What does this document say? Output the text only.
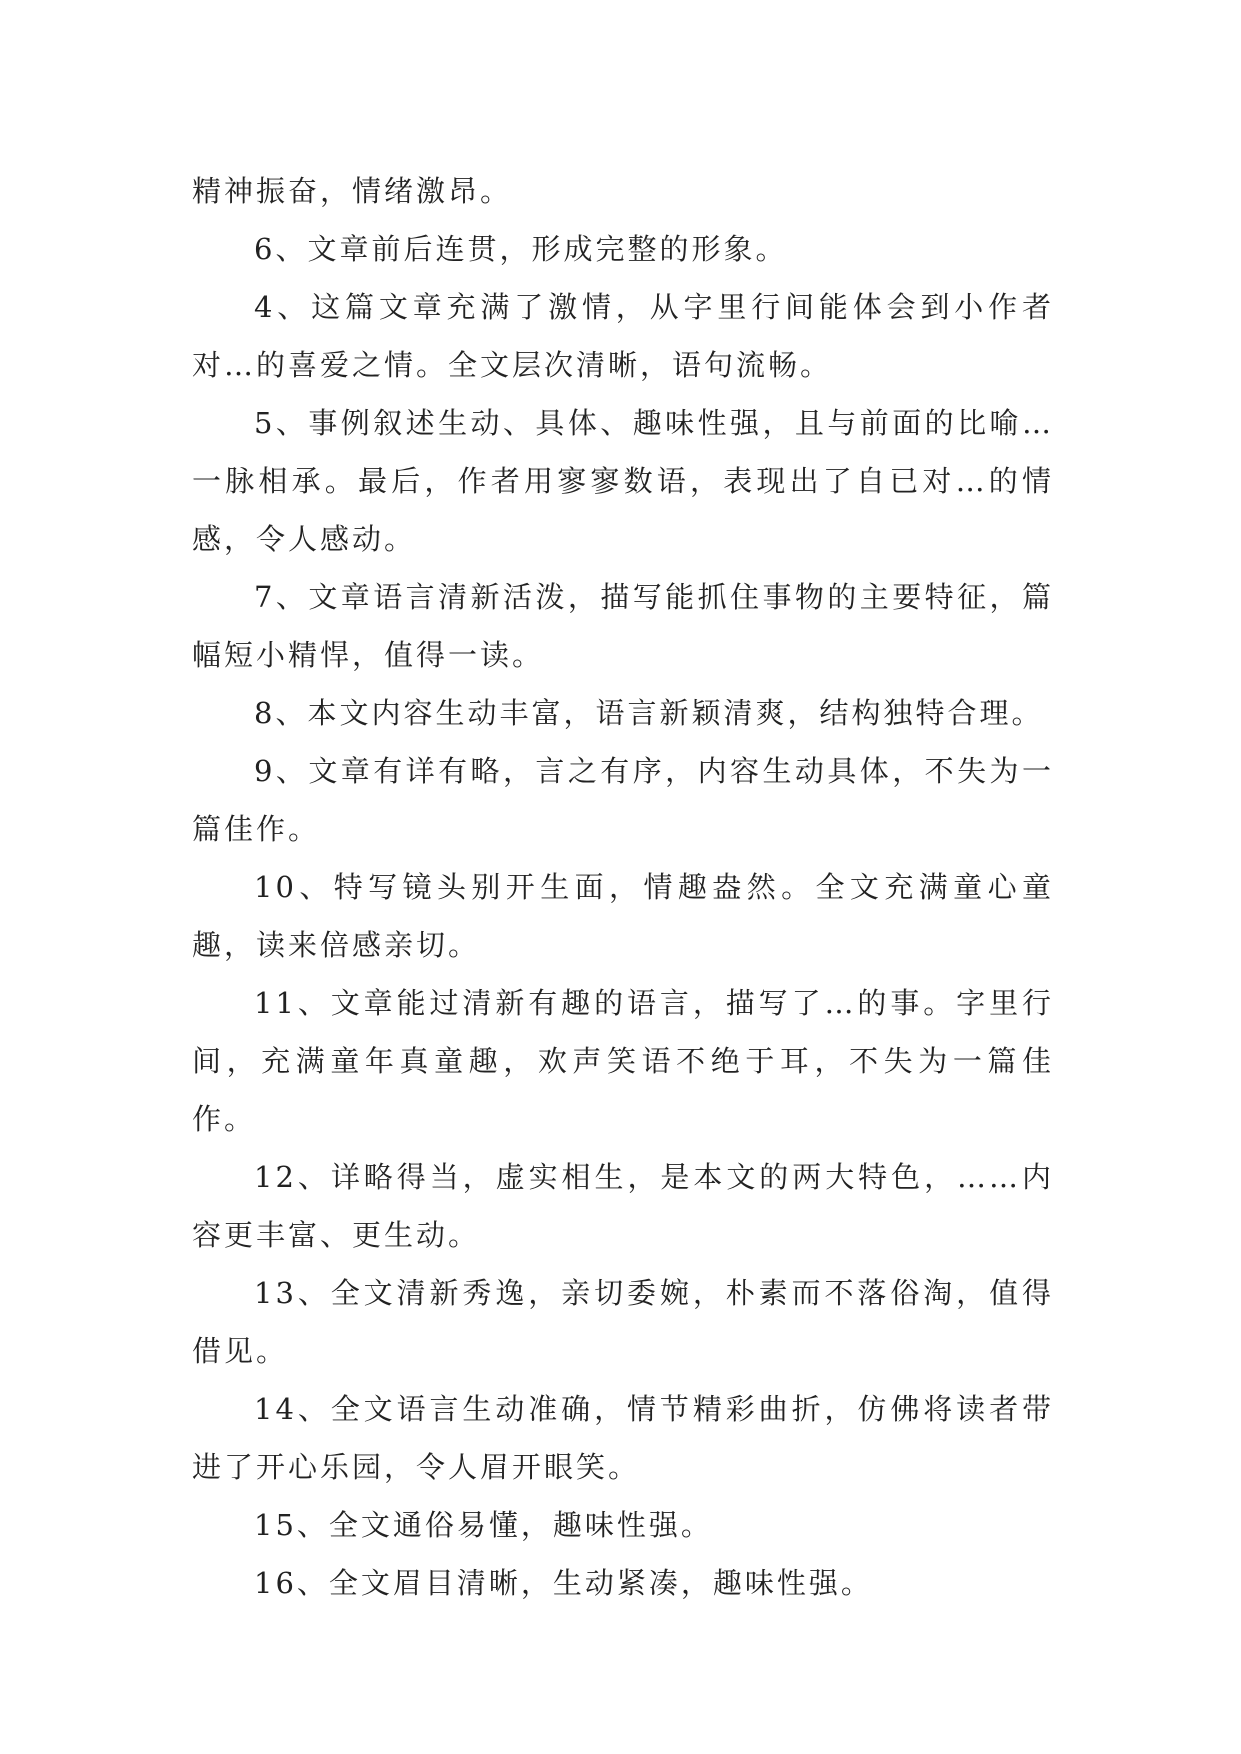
精神振奋，情绪激昂。

6、文章前后连贯，形成完整的形象。

4、这篇文章充满了激情，从字里行间能体会到小作者对…的喜爱之情。全文层次清晰，语句流畅。

5、事例叙述生动、具体、趣味性强，且与前面的比喻…一脉相承。最后，作者用寥寥数语，表现出了自已对…的情感，令人感动。

7、文章语言清新活泼，描写能抓住事物的主要特征，篇幅短小精悍，值得一读。

8、本文内容生动丰富，语言新颖清爽，结构独特合理。

9、文章有详有略，言之有序，内容生动具体，不失为一篇佳作。

10、特写镜头别开生面，情趣盎然。全文充满童心童趣，读来倍感亲切。

11、文章能过清新有趣的语言，描写了…的事。字里行间，充满童年真童趣，欢声笑语不绝于耳，不失为一篇佳作。

12、详略得当，虚实相生，是本文的两大特色，……内容更丰富、更生动。

13、全文清新秀逸，亲切委婉，朴素而不落俗淘，值得借见。

14、全文语言生动准确，情节精彩曲折，仿佛将读者带进了开心乐园，令人眉开眼笑。

15、全文通俗易懂，趣味性强。

16、全文眉目清晰，生动紧凑，趣味性强。
